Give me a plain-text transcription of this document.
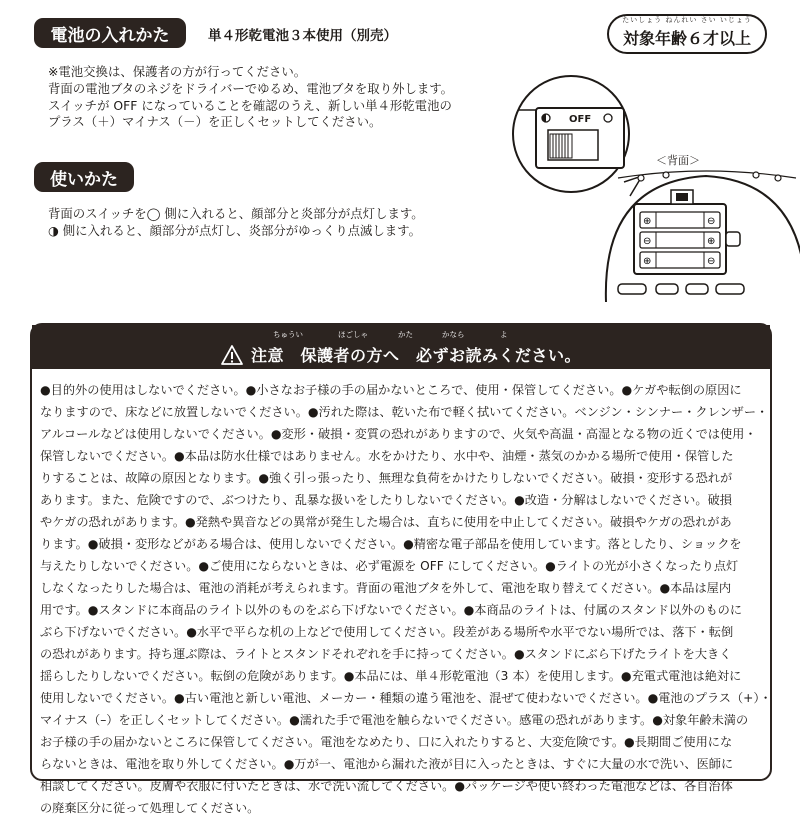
電池の入れかた	単４形乾電池３本使用（別売）
たいしょう ねんれい さい いじょう
対象年齢６才以上
※電池交換は、保護者の方が行ってください。
背面の電池ブタのネジをドライバーでゆるめ、電池ブタを取り外します。
スイッチが OFF になっていることを確認のうえ、新しい単４形乾電池の
プラス（＋）マイナス（－）を正しくセットしてください。
使いかた
背面のスイッチを◯ 側に入れると、顔部分と炎部分が点灯します。
◑ 側に入れると、顔部分が点灯し、炎部分がゆっくり点滅します。
OFF
＜背面＞
⊕	⊖
⊖	⊕
⊕	⊖
ちゅうい	ほごしゃ	かた	かなら	よ
注意　保護者の方へ　必ずお読みください。
●目的外の使用はしないでください。●小さなお子様の手の届かないところで、使用・保管してください。●ケガや転倒の原因に
なりますので、床などに放置しないでください。●汚れた際は、乾いた布で軽く拭いてください。ベンジン・シンナー・クレンザー・
アルコールなどは使用しないでください。●変形・破損・変質の恐れがありますので、火気や高温・高湿となる物の近くでは使用・
保管しないでください。●本品は防水仕様ではありません。水をかけたり、水中や、油煙・蒸気のかかる場所で使用・保管した
りすることは、故障の原因となります。●強く引っ張ったり、無理な負荷をかけたりしないでください。破損・変形する恐れが
あります。また、危険ですので、ぶつけたり、乱暴な扱いをしたりしないでください。●改造・分解はしないでください。破損
やケガの恐れがあります。●発熱や異音などの異常が発生した場合は、直ちに使用を中止してください。破損やケガの恐れがあ
ります。●破損・変形などがある場合は、使用しないでください。●精密な電子部品を使用しています。落としたり、ショックを
与えたりしないでください。●ご使用にならないときは、必ず電源を OFF にしてください。●ライトの光が小さくなったり点灯
しなくなったりした場合は、電池の消耗が考えられます。背面の電池ブタを外して、電池を取り替えてください。●本品は屋内
用です。●スタンドに本商品のライト以外のものをぶら下げないでください。●本商品のライトは、付属のスタンド以外のものに
ぶら下げないでください。●水平で平らな机の上などで使用してください。段差がある場所や水平でない場所では、落下・転倒
の恐れがあります。持ち運ぶ際は、ライトとスタンドそれぞれを手に持ってください。●スタンドにぶら下げたライトを大きく
揺らしたりしないでください。転倒の危険があります。●本品には、単４形乾電池（3 本）を使用します。●充電式電池は絶対に
使用しないでください。●古い電池と新しい電池、メーカー・種類の違う電池を、混ぜて使わないでください。●電池のプラス（+）・
マイナス（–）を正しくセットしてください。●濡れた手で電池を触らないでください。感電の恐れがあります。●対象年齢未満の
お子様の手の届かないところに保管してください。電池をなめたり、口に入れたりすると、大変危険です。●長期間ご使用にな
らないときは、電池を取り外してください。●万が一、電池から漏れた液が目に入ったときは、すぐに大量の水で洗い、医師に
相談してください。皮膚や衣服に付いたときは、水で洗い流してください。●パッケージや使い終わった電池などは、各自治体
の廃棄区分に従って処理してください。
